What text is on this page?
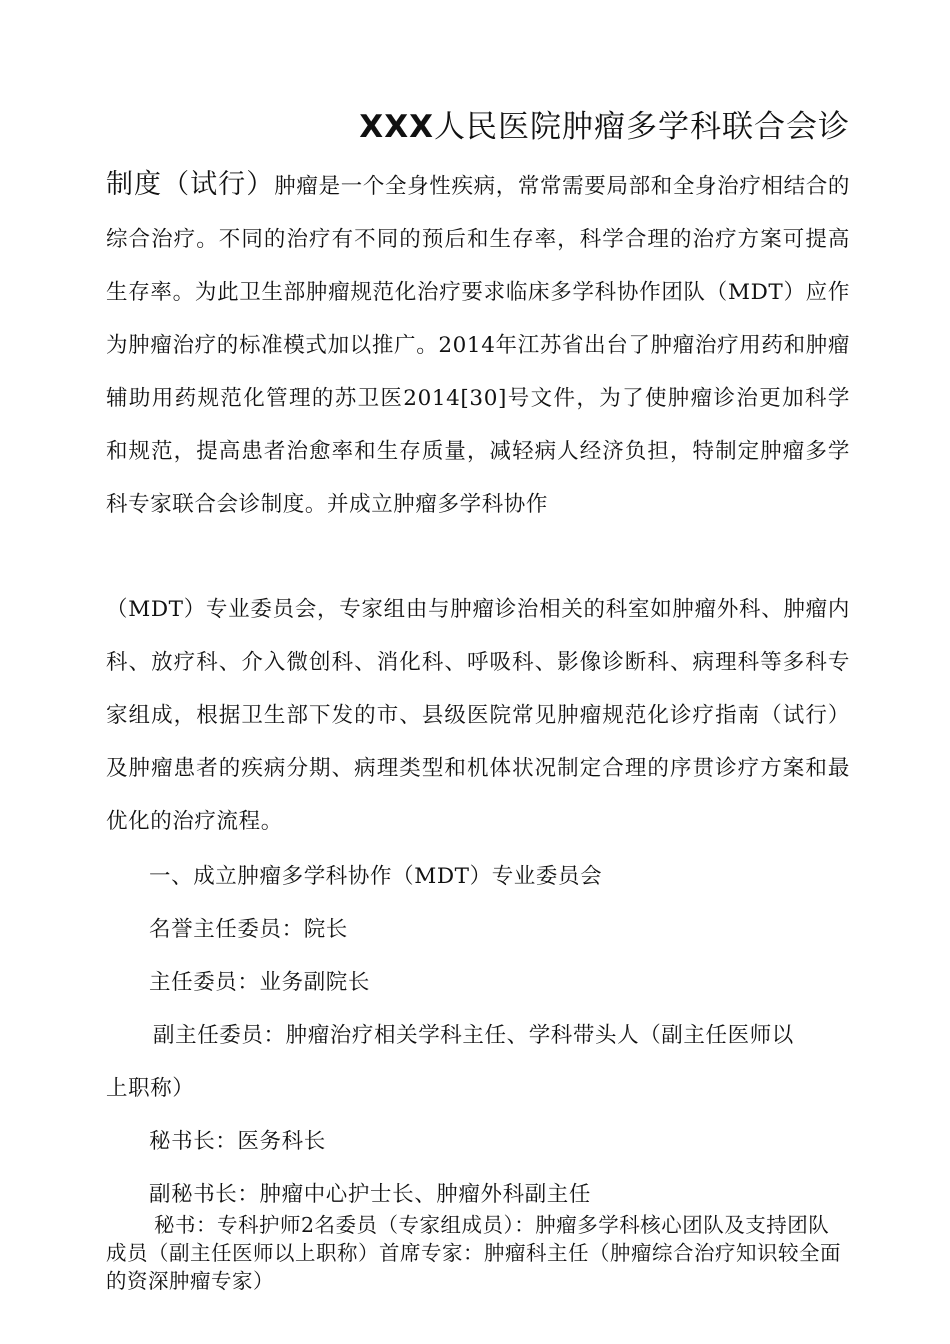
XXX人民医院肿瘤多学科联合会诊
制度（试行）肿瘤是一个全身性疾病，常常需要局部和全身治疗相结合的综合治疗。不同的治疗有不同的预后和生存率，科学合理的治疗方案可提高生存率。为此卫生部肿瘤规范化治疗要求临床多学科协作团队（MDT）应作为肿瘤治疗的标准模式加以推广。2014年江苏省出台了肿瘤治疗用药和肿瘤辅助用药规范化管理的苏卫医2014[30]号文件，为了使肿瘤诊治更加科学和规范，提高患者治愈率和生存质量，减轻病人经济负担，特制定肿瘤多学科专家联合会诊制度。并成立肿瘤多学科协作
（MDT）专业委员会，专家组由与肿瘤诊治相关的科室如肿瘤外科、肿瘤内科、放疗科、介入微创科、消化科、呼吸科、影像诊断科、病理科等多科专家组成，根据卫生部下发的市、县级医院常见肿瘤规范化诊疗指南（试行）及肿瘤患者的疾病分期、病理类型和机体状况制定合理的序贯诊疗方案和最优化的治疗流程。
一、成立肿瘤多学科协作（MDT）专业委员会
名誉主任委员：院长
主任委员：业务副院长
副主任委员：肿瘤治疗相关学科主任、学科带头人（副主任医师以
上职称）
秘书长：医务科长
副秘书长：肿瘤中心护士长、肿瘤外科副主任
秘书：专科护师2名委员（专家组成员）：肿瘤多学科核心团队及支持团队成员（副主任医师以上职称）首席专家：肿瘤科主任（肿瘤综合治疗知识较全面的资深肿瘤专家）
